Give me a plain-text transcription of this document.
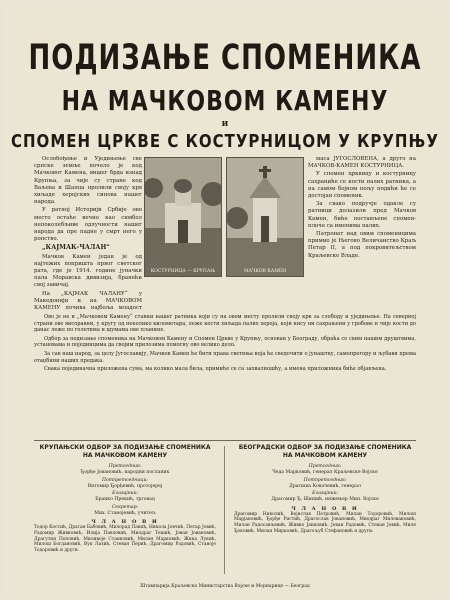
ПОДИЗАЊЕ СПОМЕНИКА
НА МАЧКОВОМ КАМЕНУ
и
СПОМЕН ЦРКВЕ С КОСТУРНИЦОМ У КРУПЊУ

Ослобођење и Уједињење све српске земље почело је код Мачковог Камена, вишег брда изнад Крупња, за чије су стране код Ваљева и Шапца пролили своју крв хиљаде херојских синова нашег народа.

У ратној Историји Србије ово место остаће вечно као симбол непоколебљиве одлучности нашег народа да пре падне у смрт него у ропство.

„КАЈМАК-ЧАЛАН“

Мачков Камен један је од најтежих попришта првог светског рата, где је 1914. године јуначки пала Моравска дивизија, бранећи свој завичај.

На „КАЈМАК ЧАЛАНУ“ у Македонији и на МАЧКОВОМ КАМЕНУ почива најбоља младост

КОСТУРНИЦА — КРУПАЊ	МАЧКОВ КАМЕН

маса ЈУГОСЛОВЕНА, а друго на МАЧКОВ-КАМЕН КОСТУРНИЦА.

У спомен црквицу и костурницу сахраниће се кости палих ратника, а на самом бојном пољу подићи ће се достојан споменик.

За свако подручје одакле су ратници долазили пред Мачков Камен, биће постављене спомен-плоче са именима палих.

Патронат над овим споменицима примио је Његово Величанство Краљ Петар II, а под покровитељством Краљевске Владе.

Ово је не и „Мачковом Камену“ станки нашег ратника који су на овом месту пролили своју крв за слободу и уједињење. На северној страни ове висоравни, у кругу од неколико километара, леже кости хиљада палих хероја, који нису ни сахрањени у гробове и чије кости до данас леже по голетима и шумама ове планине.

Одбор за подизање споменика на Мачковом Камену и Спомен Цркве у Крупњу, основан у Београду, обраћа се свим нашим друштвима, установама и појединцима да својим прилозима помогну ово велико дело.

За сав наш народ, за целу Југославију, Мачков Камен ће бити права светиња која ће сведочити о јунаштву, самопрегору и љубави према отаџбини наших предака.

Свака појединачна приложена сума, ма колико мала била, примиће се са захвалношћу, а имена приложника биће објављена.

КРУПАЊСКИ ОДБОР ЗА ПОДИЗАЊЕ СПОМЕНИКА НА МАЧКОВОМ КАМЕНУ
Претседник:
Ђорђе Јовановић, народни посланик
Потпретседници:
Витомир Ђорђевић, протојереј
Благајник:
Бранко Прекић, трговац
Секретар:
Мих. Станојевић, учитељ
Ч Л А Н О В И
Тодор Костић, Драган Бабовић, Милорад Павић, Никола Јовчић, Петар Јовић, Радомир Живковић, Илија Павловић, Миодраг Тешић, Јован Јовановић, Драгутин Поповић, Миливоје Станковић, Милан Марковић, Жика Лукић, Милош Богдановић, Вук Лазић, Стеван Перић, Драгомир Радовић, Станоје Тодоровић и други.
БЕОГРАДСКИ ОДБОР ЗА ПОДИЗАЊЕ СПОМЕНИКА НА МАЧКОВОМ КАМЕНУ
Претседник:
Чеда Марковић, генерал Краљевске Војске
Потпретседник:
Драгиша Ковачевић, генерал
Благајник:
Драгомир Ђ. Шишић, инжењер Мин. Војске
Ч Л А Н О В И
Драгомир Николић, Војислав Петровић, Милан Тодоровић, Милош Марјановић, Ђорђе Ристић, Драгослав Јовановић, Миодраг Миловановић, Милан Радосављевић, Живко Јанковић, Јован Радовић, Стеван Јовић, Миле Ђоковић, Милан Мирковић, Драгољуб Стефановић и други.
Штампарија Краљевске Министарства Војске и Морнарице — Београд
